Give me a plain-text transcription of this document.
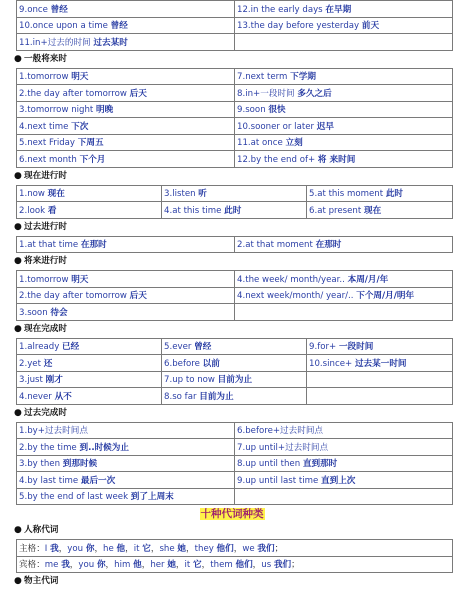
9.once 曾经	12.in the early days 在早期
10.once upon a time 曾经	13.the day before yesterday 前天
11.in+过去的时间 过去某时	
● 一般将来时
1.tomorrow 明天	7.next term 下学期
2.the day after tomorrow 后天	8.in+一段时间 多久之后
3.tomorrow night 明晚	9.soon 很快
4.next time 下次	10.sooner or later 迟早
5.next Friday 下周五	11.at once 立刻
6.next month 下个月	12.by the end of+ 将 来时间
● 现在进行时
1.now 现在	3.listen 听	5.at this moment 此时
2.look 看	4.at this time 此时	6.at present 现在
● 过去进行时
1.at that time 在那时	2.at that moment 在那时
● 将来进行时
1.tomorrow 明天	4.the week/ month/year.. 本周/月/年
2.the day after tomorrow 后天	4.next week/month/ year/.. 下个周/月/明年
3.soon 待会	
● 现在完成时
1.already 已经	5.ever 曾经	9.for+ 一段时间
2.yet 还	6.before 以前	10.since+ 过去某一时间
3.just 刚才	7.up to now 目前为止	
4.never 从不	8.so far 目前为止	
● 过去完成时
1.by+过去时间点	6.before+过去时间点
2.by the time 到..时候为止	7.up until+过去时间点
3.by then 到那时候	8.up until then 直到那时
4.by last time 最后一次	9.up until last time 直到上次
5.by the end of last week 到了上周末	
十种代词种类
● 人称代词
主格：I 我，you 你，he 他，it 它，she 她，they 他们，we 我们；
宾格：me 我，you 你，him 他，her 她，it 它，them 他们，us 我们；
● 物主代词
